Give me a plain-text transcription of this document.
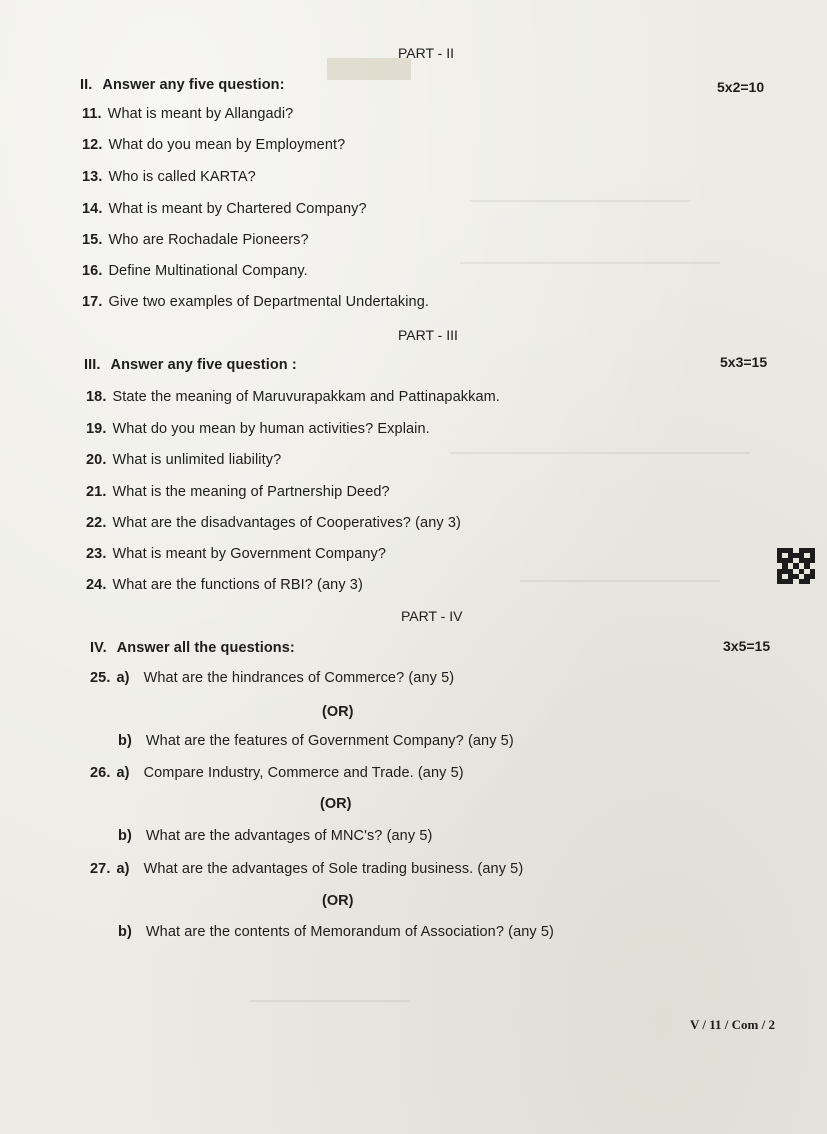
PART - II
II. Answer any five question:	5x2=10
11. What is meant by Allangadi?
12. What do you mean by Employment?
13. Who is called KARTA?
14. What is meant by Chartered Company?
15. Who are Rochadale Pioneers?
16. Define Multinational Company.
17. Give two examples of Departmental Undertaking.
PART - III
III. Answer any five question :	5x3=15
18. State the meaning of Maruvurapakkam and Pattinapakkam.
19. What do you mean by human activities? Explain.
20. What is unlimited liability?
21. What is the meaning of Partnership Deed?
22. What are the disadvantages of Cooperatives? (any 3)
23. What is meant by Government Company?
24. What are the functions of RBI? (any 3)
PART - IV
IV. Answer all the questions:	3x5=15
25. a) What are the hindrances of Commerce? (any 5)
(OR)
b) What are the features of Government Company? (any 5)
26. a) Compare Industry, Commerce and Trade. (any 5)
(OR)
b) What are the advantages of MNC's? (any 5)
27. a) What are the advantages of Sole trading business. (any 5)
(OR)
b) What are the contents of Memorandum of Association? (any 5)
V / 11 / Com / 2
